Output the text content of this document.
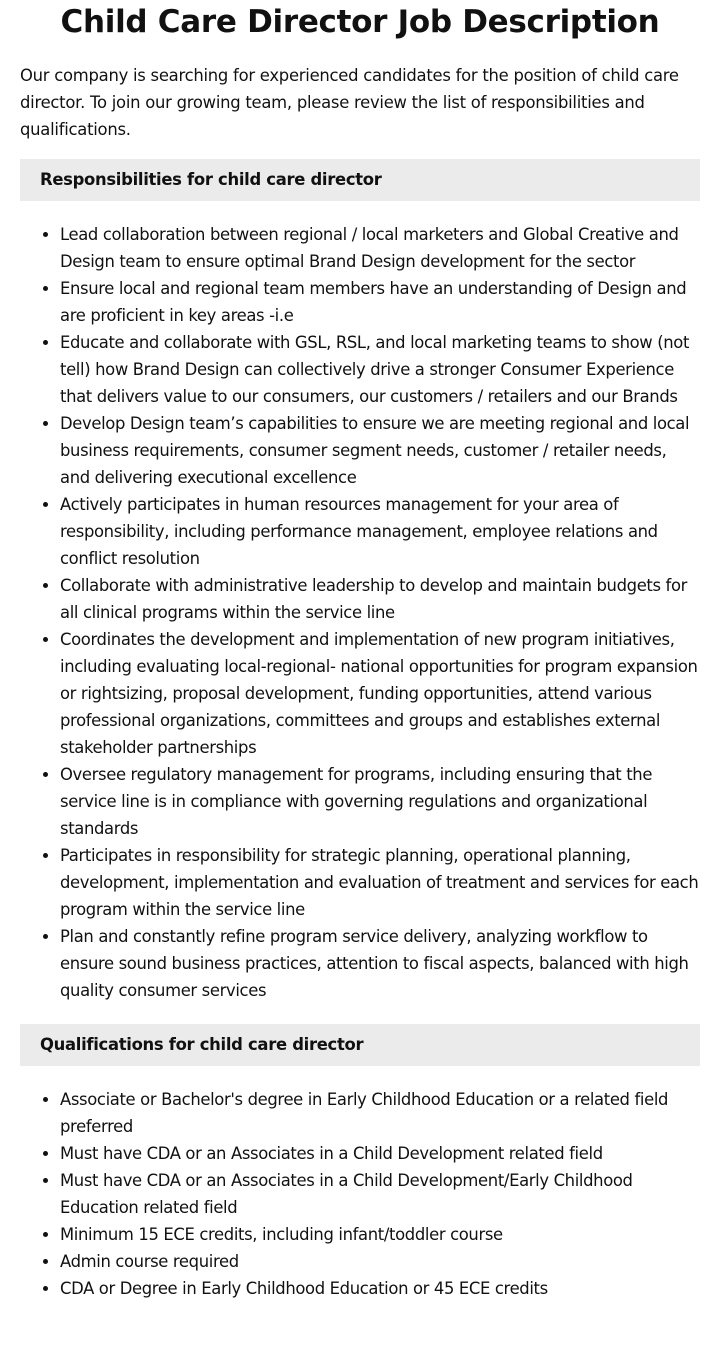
Child Care Director Job Description

Our company is searching for experienced candidates for the position of child care director. To join our growing team, please review the list of responsibilities and qualifications.

Responsibilities for child care director
• Lead collaboration between regional / local marketers and Global Creative and Design team to ensure optimal Brand Design development for the sector
• Ensure local and regional team members have an understanding of Design and are proficient in key areas -i.e
• Educate and collaborate with GSL, RSL, and local marketing teams to show (not tell) how Brand Design can collectively drive a stronger Consumer Experience that delivers value to our consumers, our customers / retailers and our Brands
• Develop Design team’s capabilities to ensure we are meeting regional and local business requirements, consumer segment needs, customer / retailer needs, and delivering executional excellence
• Actively participates in human resources management for your area of responsibility, including performance management, employee relations and conflict resolution
• Collaborate with administrative leadership to develop and maintain budgets for all clinical programs within the service line
• Coordinates the development and implementation of new program initiatives, including evaluating local-regional- national opportunities for program expansion or rightsizing, proposal development, funding opportunities, attend various professional organizations, committees and groups and establishes external stakeholder partnerships
• Oversee regulatory management for programs, including ensuring that the service line is in compliance with governing regulations and organizational standards
• Participates in responsibility for strategic planning, operational planning, development, implementation and evaluation of treatment and services for each program within the service line
• Plan and constantly refine program service delivery, analyzing workflow to ensure sound business practices, attention to fiscal aspects, balanced with high quality consumer services
Qualifications for child care director
• Associate or Bachelor's degree in Early Childhood Education or a related field preferred
• Must have CDA or an Associates in a Child Development related field
• Must have CDA or an Associates in a Child Development/Early Childhood Education related field
• Minimum 15 ECE credits, including infant/toddler course
• Admin course required
• CDA or Degree in Early Childhood Education or 45 ECE credits
